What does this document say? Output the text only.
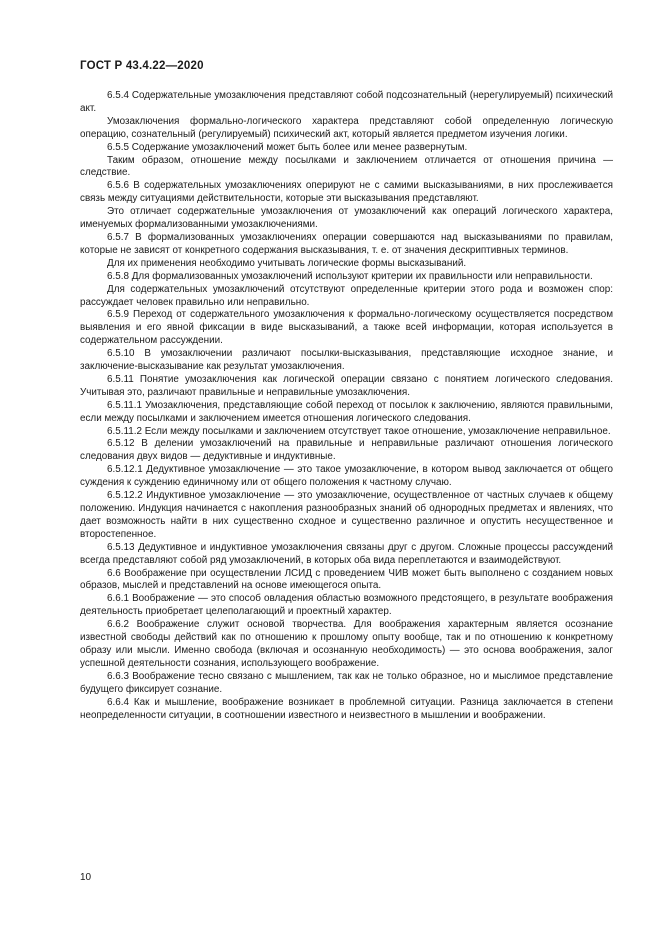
ГОСТ Р 43.4.22—2020

6.5.4 Содержательные умозаключения представляют собой подсознательный (нерегулируемый) психический акт.

Умозаключения формально-логического характера представляют собой определенную логическую операцию, сознательный (регулируемый) психический акт, который является предметом изучения логики.

6.5.5 Содержание умозаключений может быть более или менее развернутым.

Таким образом, отношение между посылками и заключением отличается от отношения причина — следствие.

6.5.6 В содержательных умозаключениях оперируют не с самими высказываниями, в них прослеживается связь между ситуациями действительности, которые эти высказывания представляют.

Это отличает содержательные умозаключения от умозаключений как операций логического характера, именуемых формализованными умозаключениями.

6.5.7 В формализованных умозаключениях операции совершаются над высказываниями по правилам, которые не зависят от конкретного содержания высказывания, т. е. от значения дескриптивных терминов.

Для их применения необходимо учитывать логические формы высказываний.

6.5.8 Для формализованных умозаключений используют критерии их правильности или неправильности.

Для содержательных умозаключений отсутствуют определенные критерии этого рода и возможен спор: рассуждает человек правильно или неправильно.

6.5.9 Переход от содержательного умозаключения к формально-логическому осуществляется посредством выявления и его явной фиксации в виде высказываний, а также всей информации, которая используется в содержательном рассуждении.

6.5.10 В умозаключении различают посылки-высказывания, представляющие исходное знание, и заключение-высказывание как результат умозаключения.

6.5.11 Понятие умозаключения как логической операции связано с понятием логического следования. Учитывая это, различают правильные и неправильные умозаключения.

6.5.11.1 Умозаключения, представляющие собой переход от посылок к заключению, являются правильными, если между посылками и заключением имеется отношения логического следования.

6.5.11.2 Если между посылками и заключением отсутствует такое отношение, умозаключение неправильное.

6.5.12 В делении умозаключений на правильные и неправильные различают отношения логического следования двух видов — дедуктивные и индуктивные.

6.5.12.1 Дедуктивное умозаключение — это такое умозаключение, в котором вывод заключается от общего суждения к суждению единичному или от общего положения к частному случаю.

6.5.12.2 Индуктивное умозаключение — это умозаключение, осуществленное от частных случаев к общему положению. Индукция начинается с накопления разнообразных знаний об однородных предметах и явлениях, что дает возможность найти в них существенно сходное и существенно различное и опустить несущественное и второстепенное.

6.5.13 Дедуктивное и индуктивное умозаключения связаны друг с другом. Сложные процессы рассуждений всегда представляют собой ряд умозаключений, в которых оба вида переплетаются и взаимодействуют.

6.6 Воображение при осуществлении ЛСИД с проведением ЧИВ может быть выполнено с созданием новых образов, мыслей и представлений на основе имеющегося опыта.

6.6.1 Воображение — это способ овладения областью возможного предстоящего, в результате воображения деятельность приобретает целеполагающий и проектный характер.

6.6.2 Воображение служит основой творчества. Для воображения характерным является осознание известной свободы действий как по отношению к прошлому опыту вообще, так и по отношению к конкретному образу или мысли. Именно свобода (включая и осознанную необходимость) — это основа воображения, залог успешной деятельности сознания, использующего воображение.

6.6.3 Воображение тесно связано с мышлением, так как не только образное, но и мыслимое представление будущего фиксирует сознание.

6.6.4 Как и мышление, воображение возникает в проблемной ситуации. Разница заключается в степени неопределенности ситуации, в соотношении известного и неизвестного в мышлении и воображении.

10
